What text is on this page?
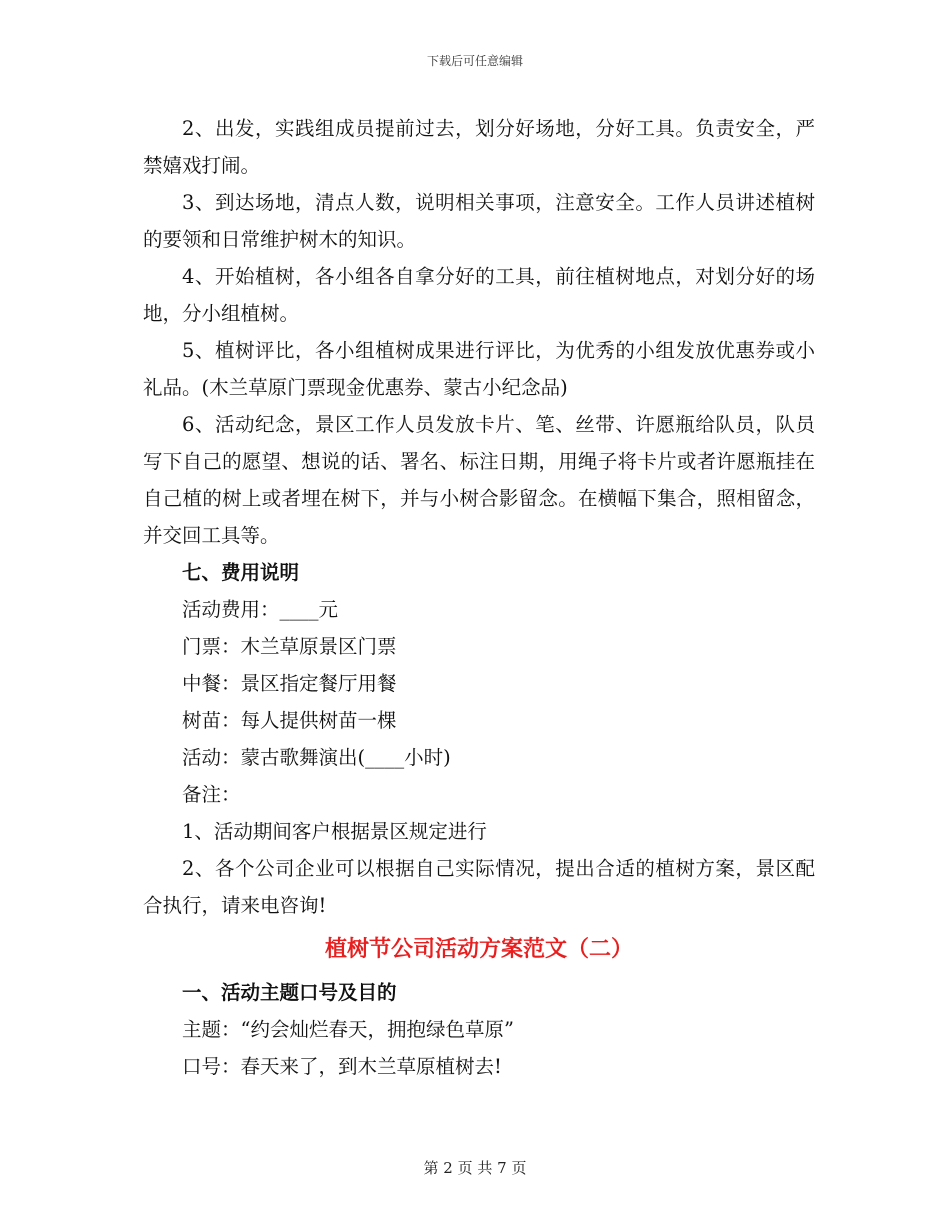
下载后可任意编辑

2、出发，实践组成员提前过去，划分好场地，分好工具。负责安全，严禁嬉戏打闹。

3、到达场地，清点人数，说明相关事项，注意安全。工作人员讲述植树的要领和日常维护树木的知识。

4、开始植树，各小组各自拿分好的工具，前往植树地点，对划分好的场地，分小组植树。

5、植树评比，各小组植树成果进行评比，为优秀的小组发放优惠券或小礼品。(木兰草原门票现金优惠券、蒙古小纪念品)

6、活动纪念，景区工作人员发放卡片、笔、丝带、许愿瓶给队员，队员写下自己的愿望、想说的话、署名、标注日期，用绳子将卡片或者许愿瓶挂在自己植的树上或者埋在树下，并与小树合影留念。在横幅下集合，照相留念，并交回工具等。

七、费用说明

活动费用：____元

门票：木兰草原景区门票

中餐：景区指定餐厅用餐

树苗：每人提供树苗一棵

活动：蒙古歌舞演出(____小时)

备注：

1、活动期间客户根据景区规定进行

2、各个公司企业可以根据自己实际情况，提出合适的植树方案，景区配合执行，请来电咨询!

植树节公司活动方案范文（二）

一、活动主题口号及目的

主题：“约会灿烂春天，拥抱绿色草原”

口号：春天来了，到木兰草原植树去!

第 2 页 共 7 页
